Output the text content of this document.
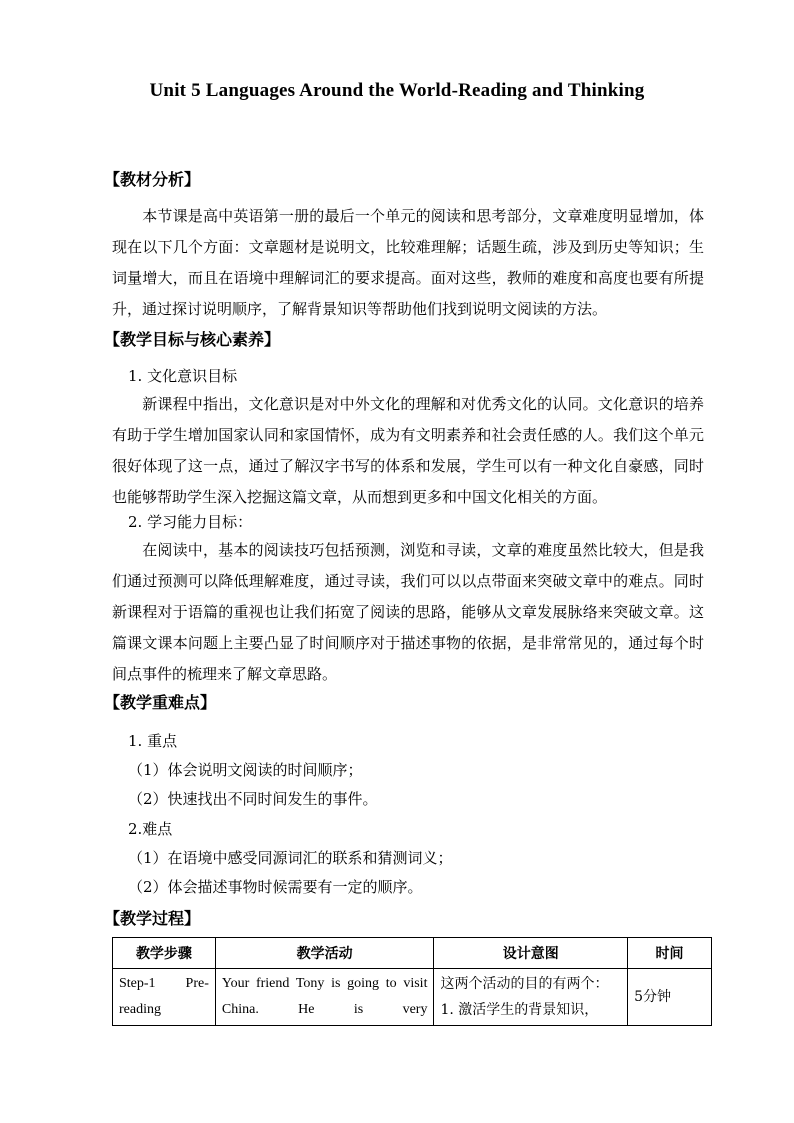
Unit 5 Languages Around the World-Reading and Thinking
【教材分析】
本节课是高中英语第一册的最后一个单元的阅读和思考部分，文章难度明显增加，体现在以下几个方面：文章题材是说明文，比较难理解；话题生疏，涉及到历史等知识；生词量增大，而且在语境中理解词汇的要求提高。面对这些，教师的难度和高度也要有所提升，通过探讨说明顺序，了解背景知识等帮助他们找到说明文阅读的方法。
【教学目标与核心素养】
1. 文化意识目标
新课程中指出，文化意识是对中外文化的理解和对优秀文化的认同。文化意识的培养有助于学生增加国家认同和家国情怀，成为有文明素养和社会责任感的人。我们这个单元很好体现了这一点，通过了解汉字书写的体系和发展，学生可以有一种文化自豪感，同时也能够帮助学生深入挖掘这篇文章，从而想到更多和中国文化相关的方面。
2. 学习能力目标：
在阅读中，基本的阅读技巧包括预测，浏览和寻读，文章的难度虽然比较大，但是我们通过预测可以降低理解难度，通过寻读，我们可以以点带面来突破文章中的难点。同时新课程对于语篇的重视也让我们拓宽了阅读的思路，能够从文章发展脉络来突破文章。这篇课文课本问题上主要凸显了时间顺序对于描述事物的依据，是非常常见的，通过每个时间点事件的梳理来了解文章思路。
【教学重难点】
1. 重点
（1）体会说明文阅读的时间顺序；
（2）快速找出不同时间发生的事件。
2.难点
（1）在语境中感受同源词汇的联系和猜测词义；
（2）体会描述事物时候需要有一定的顺序。
【教学过程】
教学步骤	教学活动	设计意图	时间
Step-1 Pre-reading	Your friend Tony is going to visit China. He is very	这两个活动的目的有两个：1. 激活学生的背景知识，	5分钟
